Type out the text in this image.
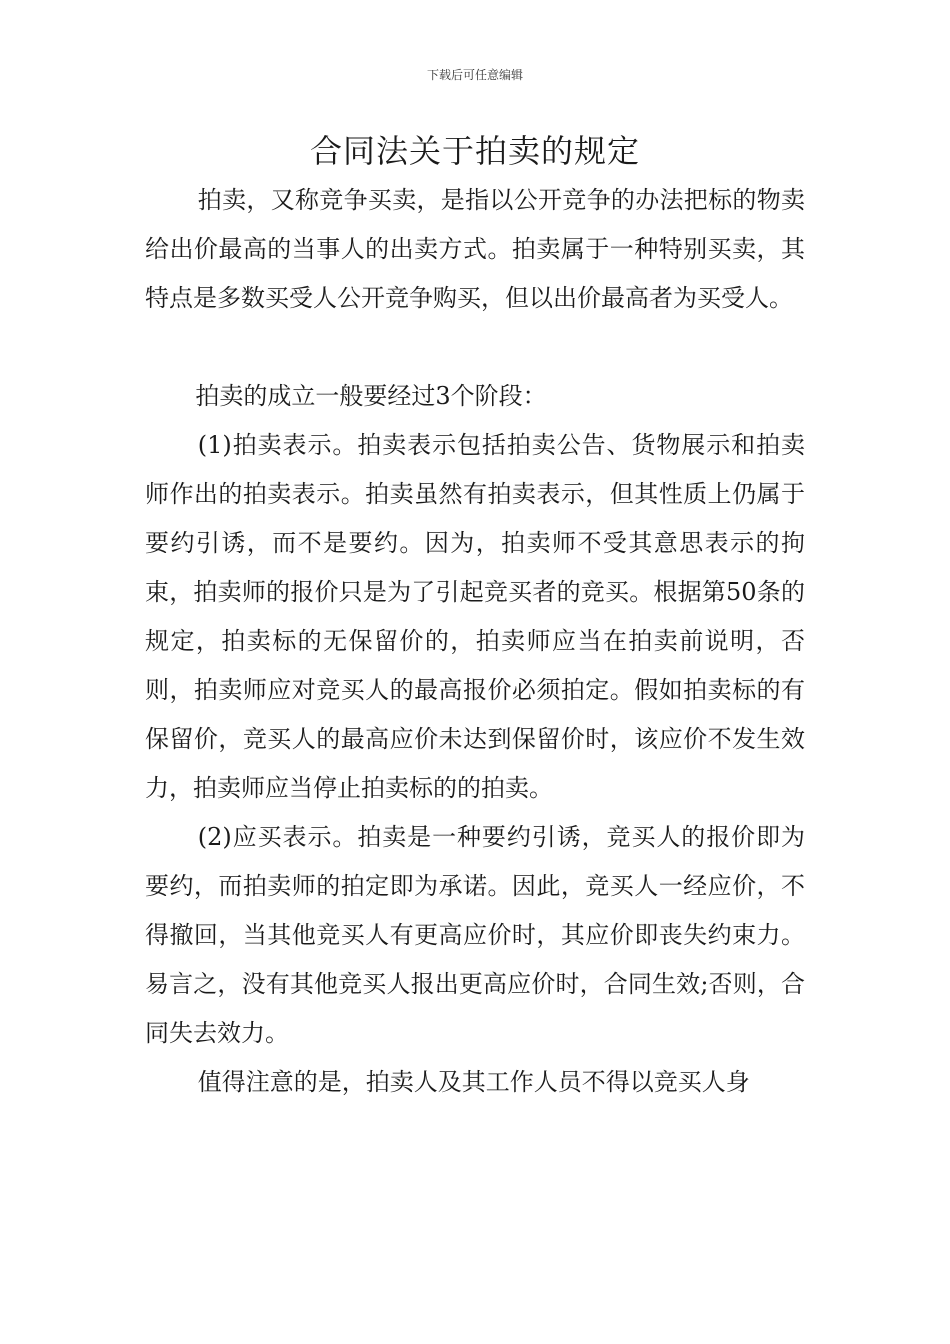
下载后可任意编辑
合同法关于拍卖的规定

拍卖，又称竞争买卖，是指以公开竞争的办法把标的物卖给出价最高的当事人的出卖方式。拍卖属于一种特别买卖，其特点是多数买受人公开竞争购买，但以出价最高者为买受人。

拍卖的成立一般要经过3个阶段：

(1)拍卖表示。拍卖表示包括拍卖公告、货物展示和拍卖师作出的拍卖表示。拍卖虽然有拍卖表示，但其性质上仍属于要约引诱，而不是要约。因为，拍卖师不受其意思表示的拘束，拍卖师的报价只是为了引起竞买者的竞买。根据第50条的规定，拍卖标的无保留价的，拍卖师应当在拍卖前说明，否则，拍卖师应对竞买人的最高报价必须拍定。假如拍卖标的有保留价，竞买人的最高应价未达到保留价时，该应价不发生效力，拍卖师应当停止拍卖标的的拍卖。

(2)应买表示。拍卖是一种要约引诱，竞买人的报价即为要约，而拍卖师的拍定即为承诺。因此，竞买人一经应价，不得撤回，当其他竞买人有更高应价时，其应价即丧失约束力。易言之，没有其他竞买人报出更高应价时，合同生效;否则，合同失去效力。

值得注意的是，拍卖人及其工作人员不得以竞买人身
